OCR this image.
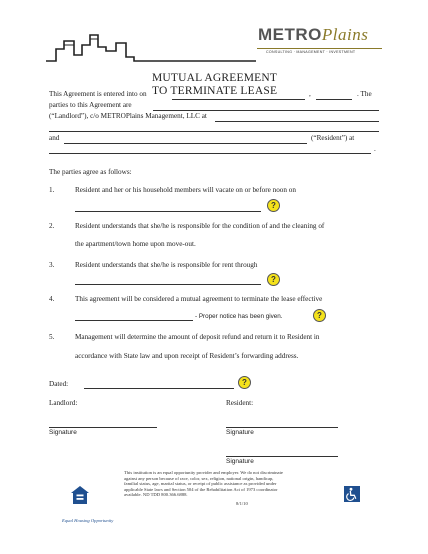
METROPlains
CONSULTING · MANAGEMENT · INVESTMENT
MUTUAL AGREEMENT
TO TERMINATE LEASE
This Agreement is entered into on	,	. The
parties to this Agreement are
(“Landlord”), c/o METROPlains Management, LLC at
and	(“Resident”) at
.
The parties agree as follows:
1.	Resident and her or his household members will vacate on or before noon on
?
2.	Resident understands that she/he is responsible for the condition of and the cleaning of
the apartment/town home upon move-out.
3.	Resident understands that she/he is responsible for rent through
?
4.	This agreement will be considered a mutual agreement to terminate the lease effective
- Proper notice has been given.	?
5.	Management will determine the amount of deposit refund and return it to Resident in
accordance with State law and upon receipt of Resident’s forwarding address.
Dated:	?
Landlord:	Resident:
Signature	Signature
Signature
Equal Housing Opportunity
This institution is an equal opportunity provider and employer. We do not discriminate
against any person because of race, color, sex, religion, national origin, handicap,
familial status, age, marital status, or receipt of public assistance as provided under
applicable State laws and Section 504 of the Rehabilitation Act of 1973 coordinator
available. ND TDD 800.366.6888.
8/1/10
